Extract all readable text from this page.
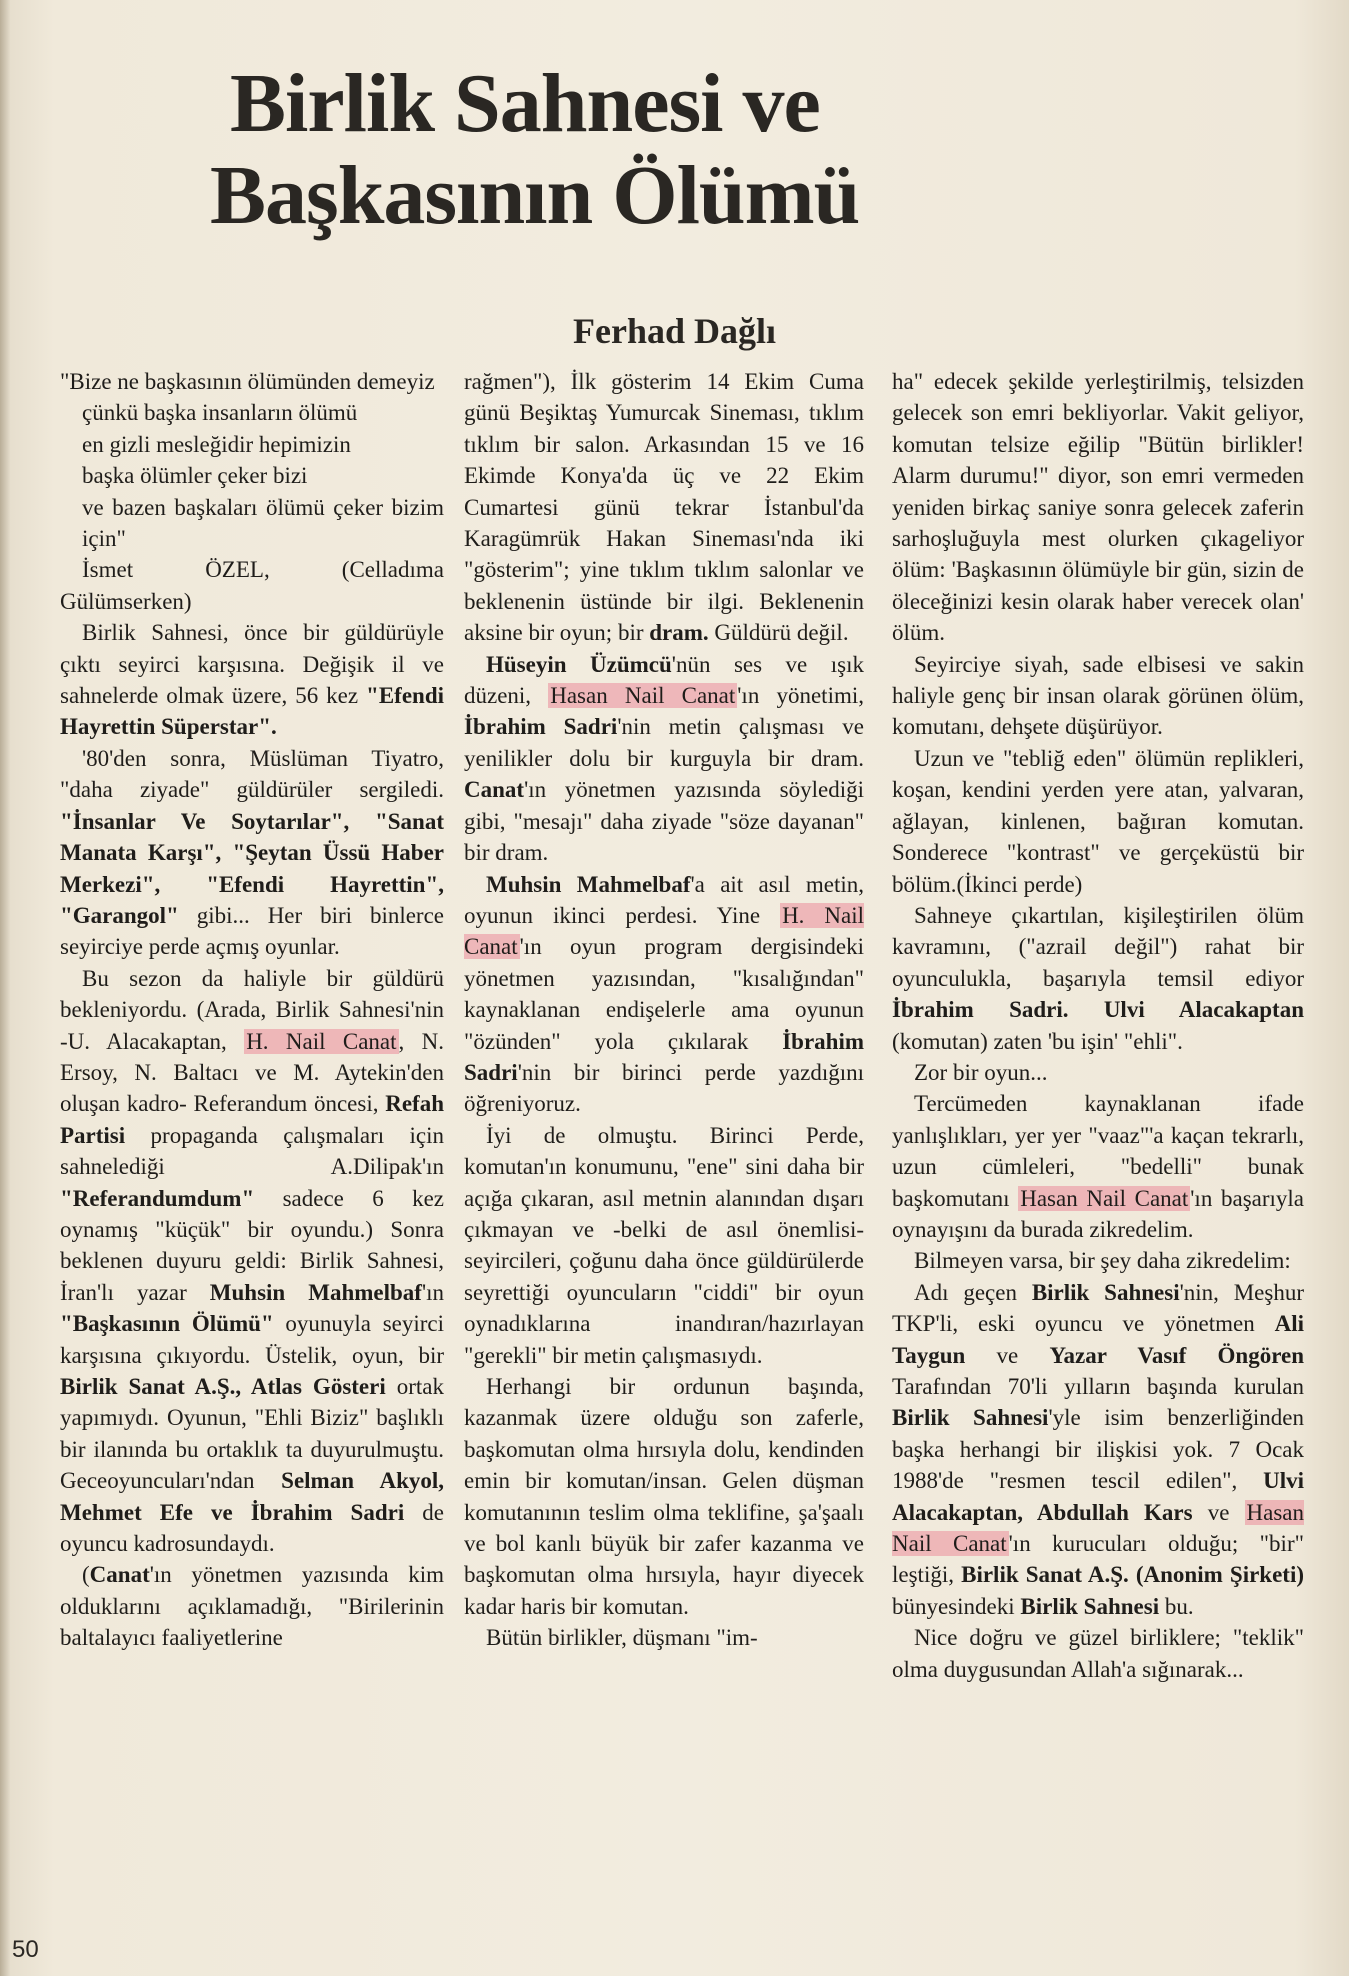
Birlik Sahnesi ve
Başkasının Ölümü
Ferhad Dağlı

"Bize ne başkasının ölümünden demeyiz

çünkü başka insanların ölümü

en gizli mesleğidir hepimizin

başka ölümler çeker bizi

ve bazen başkaları ölümü çeker bizim için"

İsmet ÖZEL, (Celladıma Gülümserken)

Birlik Sahnesi, önce bir güldürüyle çıktı seyirci karşısına. Değişik il ve sahnelerde olmak üzere, 56 kez "Efendi Hayrettin Süperstar".

'80'den sonra, Müslüman Tiyatro, "daha ziyade" güldürüler sergiledi. "İnsanlar Ve Soytarılar", "Sanat Manata Karşı", "Şeytan Üssü Haber Merkezi", "Efendi Hayrettin", "Garangol" gibi... Her biri binlerce seyirciye perde açmış oyunlar.

Bu sezon da haliyle bir güldürü bekleniyordu. (Arada, Birlik Sahnesi'nin -U. Alacakaptan, H. Nail Canat, N. Ersoy, N. Baltacı ve M. Aytekin'den oluşan kadro- Referandum öncesi, Refah Partisi propaganda çalışmaları için sahnelediği A.Dilipak'ın "Referandumdum" sadece 6 kez oynamış "küçük" bir oyundu.) Sonra beklenen duyuru geldi: Birlik Sahnesi, İran'lı yazar Muhsin Mahmelbaf'ın "Başkasının Ölümü" oyunuyla seyirci karşısına çıkıyordu. Üstelik, oyun, bir Birlik Sanat A.Ş., Atlas Gösteri ortak yapımıydı. Oyunun, "Ehli Biziz" başlıklı bir ilanında bu ortaklık ta duyurulmuştu. Geceoyuncuları'ndan Selman Akyol, Mehmet Efe ve İbrahim Sadri de oyuncu kadrosundaydı.

(Canat'ın yönetmen yazısında kim olduklarını açıklamadığı, "Birilerinin baltalayıcı faaliyetlerine

rağmen"), İlk gösterim 14 Ekim Cuma günü Beşiktaş Yumurcak Sineması, tıklım tıklım bir salon. Arkasından 15 ve 16 Ekimde Konya'da üç ve 22 Ekim Cumartesi günü tekrar İstanbul'da Karagümrük Hakan Sineması'nda iki "gösterim"; yine tıklım tıklım salonlar ve beklenenin üstünde bir ilgi. Beklenenin aksine bir oyun; bir dram. Güldürü değil.

Hüseyin Üzümcü'nün ses ve ışık düzeni, Hasan Nail Canat'ın yönetimi, İbrahim Sadri'nin metin çalışması ve yenilikler dolu bir kurguyla bir dram. Canat'ın yönetmen yazısında söylediği gibi, "mesajı" daha ziyade "söze dayanan" bir dram.

Muhsin Mahmelbaf'a ait asıl metin, oyunun ikinci perdesi. Yine H. Nail Canat'ın oyun program dergisindeki yönetmen yazısından, "kısalığından" kaynaklanan endişelerle ama oyunun "özünden" yola çıkılarak İbrahim Sadri'nin bir birinci perde yazdığını öğreniyoruz.

İyi de olmuştu. Birinci Perde, komutan'ın konumunu, "ene" sini daha bir açığa çıkaran, asıl metnin alanından dışarı çıkmayan ve -belki de asıl önemlisi- seyircileri, çoğunu daha önce güldürülerde seyrettiği oyuncuların "ciddi" bir oyun oynadıklarına inandıran/hazırlayan "gerekli" bir metin çalışmasıydı.

Herhangi bir ordunun başında, kazanmak üzere olduğu son zaferle, başkomutan olma hırsıyla dolu, kendinden emin bir komutan/insan. Gelen düşman komutanının teslim olma teklifine, şa'şaalı ve bol kanlı büyük bir zafer kazanma ve başkomutan olma hırsıyla, hayır diyecek kadar haris bir komutan.

Bütün birlikler, düşmanı "im-

ha" edecek şekilde yerleştirilmiş, telsizden gelecek son emri bekliyorlar. Vakit geliyor, komutan telsize eğilip "Bütün birlikler! Alarm durumu!" diyor, son emri vermeden yeniden birkaç saniye sonra gelecek zaferin sarhoşluğuyla mest olurken çıkageliyor ölüm: 'Başkasının ölümüyle bir gün, sizin de öleceğinizi kesin olarak haber verecek olan' ölüm.

Seyirciye siyah, sade elbisesi ve sakin haliyle genç bir insan olarak görünen ölüm, komutanı, dehşete düşürüyor.

Uzun ve "tebliğ eden" ölümün replikleri, koşan, kendini yerden yere atan, yalvaran, ağlayan, kinlenen, bağıran komutan. Sonderece "kontrast" ve gerçeküstü bir bölüm.(İkinci perde)

Sahneye çıkartılan, kişileştirilen ölüm kavramını, ("azrail değil") rahat bir oyunculukla, başarıyla temsil ediyor İbrahim Sadri. Ulvi Alacakaptan (komutan) zaten 'bu işin' "ehli".

Zor bir oyun...

Tercümeden kaynaklanan ifade yanlışlıkları, yer yer "vaaz"'a kaçan tekrarlı, uzun cümleleri, "bedelli" bunak başkomutanı Hasan Nail Canat'ın başarıyla oynayışını da burada zikredelim.

Bilmeyen varsa, bir şey daha zikredelim:

Adı geçen Birlik Sahnesi'nin, Meşhur TKP'li, eski oyuncu ve yönetmen Ali Taygun ve Yazar Vasıf Öngören Tarafından 70'li yılların başında kurulan Birlik Sahnesi'yle isim benzerliğinden başka herhangi bir ilişkisi yok. 7 Ocak 1988'de "resmen tescil edilen", Ulvi Alacakaptan, Abdullah Kars ve Hasan Nail Canat'ın kurucuları olduğu; "bir" leştiği, Birlik Sanat A.Ş. (Anonim Şirketi) bünyesindeki Birlik Sahnesi bu.

Nice doğru ve güzel birliklere; "teklik" olma duygusundan Allah'a sığınarak...

50
